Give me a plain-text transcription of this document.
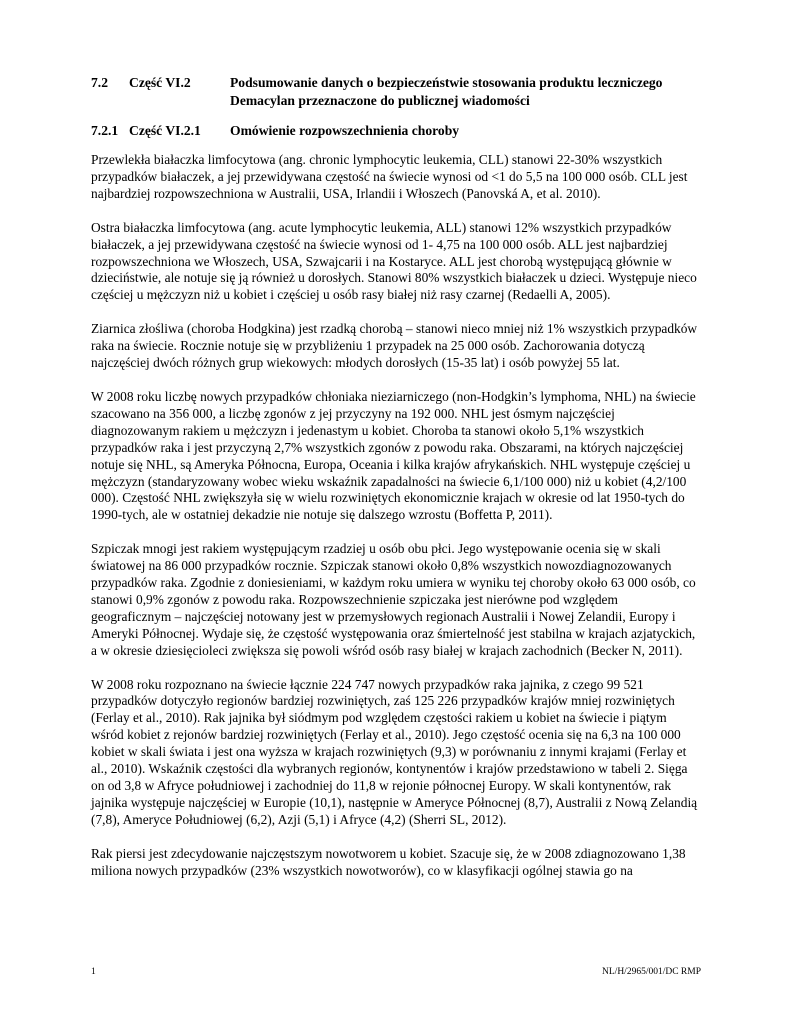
7.2	Część VI.2	Podsumowanie danych o bezpieczeństwie stosowania produktu leczniczego Demacylan przeznaczone do publicznej wiadomości
7.2.1 Część VI.2.1	Omówienie rozpowszechnienia choroby

Przewlekła białaczka limfocytowa (ang. chronic lymphocytic leukemia, CLL) stanowi 22-30% wszystkich przypadków białaczek, a jej przewidywana częstość na świecie wynosi od <1 do 5,5 na 100 000 osób. CLL jest najbardziej rozpowszechniona w Australii, USA, Irlandii i Włoszech (Panovská A, et al. 2010).

Ostra białaczka limfocytowa (ang. acute lymphocytic leukemia, ALL) stanowi 12% wszystkich przypadków białaczek, a jej przewidywana częstość na świecie wynosi od 1- 4,75 na 100 000 osób. ALL jest najbardziej rozpowszechniona we Włoszech, USA, Szwajcarii i na Kostaryce. ALL jest chorobą występującą głównie w dzieciństwie, ale notuje się ją również u dorosłych. Stanowi 80% wszystkich białaczek u dzieci. Występuje nieco częściej u mężczyzn niż u kobiet i częściej u osób rasy białej niż rasy czarnej (Redaelli A, 2005).

Ziarnica złośliwa (choroba Hodgkina) jest rzadką chorobą – stanowi nieco mniej niż 1% wszystkich przypadków raka na świecie. Rocznie notuje się w przybliżeniu 1 przypadek na 25 000 osób. Zachorowania dotyczą najczęściej dwóch różnych grup wiekowych: młodych dorosłych (15-35 lat) i osób powyżej 55 lat.

W 2008 roku liczbę nowych przypadków chłoniaka nieziarniczego (non-Hodgkin’s lymphoma, NHL) na świecie szacowano na 356 000, a liczbę zgonów z jej przyczyny na 192 000. NHL jest ósmym najczęściej diagnozowanym rakiem u mężczyzn i jedenastym u kobiet. Choroba ta stanowi około 5,1% wszystkich przypadków raka i jest przyczyną 2,7% wszystkich zgonów z powodu raka. Obszarami, na których najczęściej notuje się NHL, są Ameryka Północna, Europa, Oceania i kilka krajów afrykańskich. NHL występuje częściej u mężczyzn (standaryzowany wobec wieku wskaźnik zapadalności na świecie 6,1/100 000) niż u kobiet (4,2/100 000). Częstość NHL zwiększyła się w wielu rozwiniętych ekonomicznie krajach w okresie od lat 1950-tych do 1990-tych, ale w ostatniej dekadzie nie notuje się dalszego wzrostu (Boffetta P, 2011).

Szpiczak mnogi jest rakiem występującym rzadziej u osób obu płci. Jego występowanie ocenia się w skali światowej na 86 000 przypadków rocznie. Szpiczak stanowi około 0,8% wszystkich nowozdiagnozowanych przypadków raka. Zgodnie z doniesieniami, w każdym roku umiera w wyniku tej choroby około 63 000 osób, co stanowi 0,9% zgonów z powodu raka. Rozpowszechnienie szpiczaka jest nierówne pod względem geograficznym – najczęściej notowany jest w przemysłowych regionach Australii i Nowej Zelandii, Europy i Ameryki Północnej. Wydaje się, że częstość występowania oraz śmiertelność jest stabilna w krajach azjatyckich, a w okresie dziesięcioleci zwiększa się powoli wśród osób rasy białej w krajach zachodnich (Becker N, 2011).

W 2008 roku rozpoznano na świecie łącznie 224 747 nowych przypadków raka jajnika, z czego 99 521 przypadków dotyczyło regionów bardziej rozwiniętych, zaś 125 226 przypadków krajów mniej rozwiniętych (Ferlay et al., 2010). Rak jajnika był siódmym pod względem częstości rakiem u kobiet na świecie i piątym wśród kobiet z rejonów bardziej rozwiniętych (Ferlay et al., 2010). Jego częstość ocenia się na 6,3 na 100 000 kobiet w skali świata i jest ona wyższa w krajach rozwiniętych (9,3) w porównaniu z innymi krajami (Ferlay et al., 2010). Wskaźnik częstości dla wybranych regionów, kontynentów i krajów przedstawiono w tabeli 2. Sięga on od 3,8 w Afryce południowej i zachodniej do 11,8 w rejonie północnej Europy. W skali kontynentów, rak jajnika występuje najczęściej w Europie (10,1), następnie w Ameryce Północnej (8,7), Australii z Nową Zelandią (7,8), Ameryce Południowej (6,2), Azji (5,1) i Afryce (4,2) (Sherri SL, 2012).

Rak piersi jest zdecydowanie najczęstszym nowotworem u kobiet. Szacuje się, że w 2008 zdiagnozowano 1,38 miliona nowych przypadków (23% wszystkich nowotworów), co w klasyfikacji ogólnej stawia go na

1	NL/H/2965/001/DC RMP
